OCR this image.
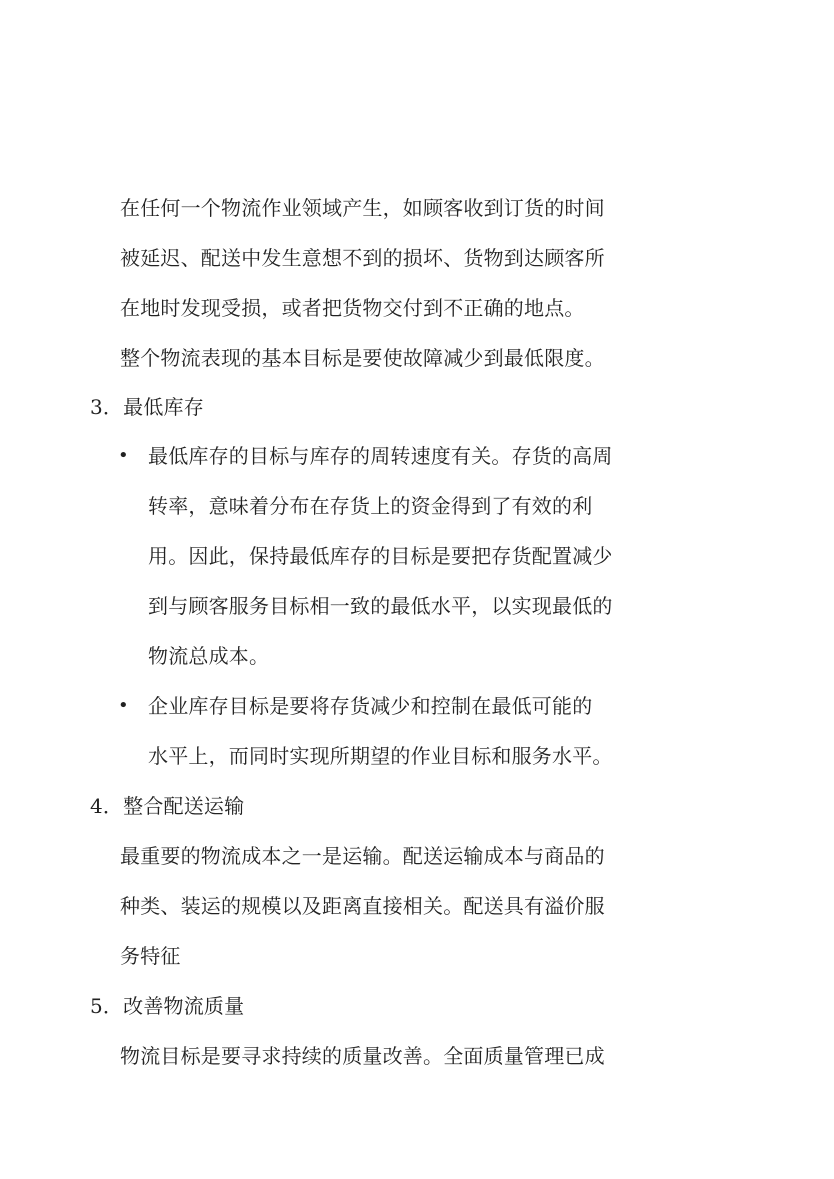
在任何一个物流作业领域产生，如顾客收到订货的时间
被延迟、配送中发生意想不到的损坏、货物到达顾客所
在地时发现受损，或者把货物交付到不正确的地点。
整个物流表现的基本目标是要使故障减少到最低限度。
3．最低库存
• 最低库存的目标与库存的周转速度有关。存货的高周
转率，意味着分布在存货上的资金得到了有效的利
用。因此，保持最低库存的目标是要把存货配置减少
到与顾客服务目标相一致的最低水平，以实现最低的
物流总成本。
• 企业库存目标是要将存货减少和控制在最低可能的
水平上，而同时实现所期望的作业目标和服务水平。
4．整合配送运输
最重要的物流成本之一是运输。配送运输成本与商品的
种类、装运的规模以及距离直接相关。配送具有溢价服
务特征
5．改善物流质量
物流目标是要寻求持续的质量改善。全面质量管理已成
